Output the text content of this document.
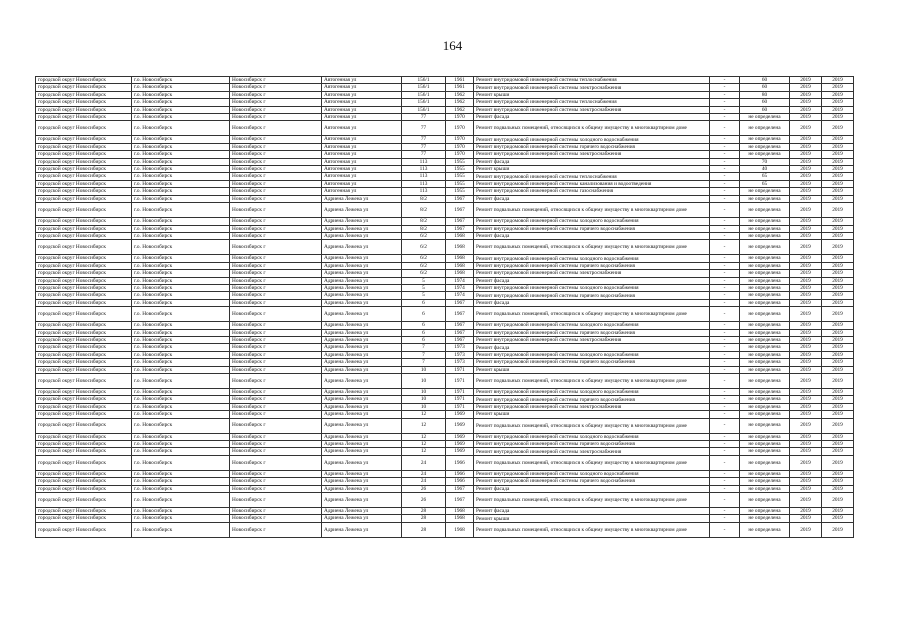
164
городской округ Новосибирск	г.о. Новосибирск	Новосибирск г	Автогенная ул	156/1	1961	Ремонт внутридомовой инженерной системы теплоснабжения	-	60	2019	2019
городской округ Новосибирск	г.о. Новосибирск	Новосибирск г	Автогенная ул	156/1	1961	Ремонт внутридомовой инженерной системы электроснабжения	-	60	2019	2019
городской округ Новосибирск	г.о. Новосибирск	Новосибирск г	Автогенная ул	156/1	1962	Ремонт крыши	-	80	2019	2019
городской округ Новосибирск	г.о. Новосибирск	Новосибирск г	Автогенная ул	156/1	1962	Ремонт внутридомовой инженерной системы теплоснабжения	-	60	2019	2019
городской округ Новосибирск	г.о. Новосибирск	Новосибирск г	Автогенная ул	156/1	1962	Ремонт внутридомовой инженерной системы электроснабжения	-	60	2019	2019
городской округ Новосибирск	г.о. Новосибирск	Новосибирск г	Автогенная ул	77	1970	Ремонт фасада	-	не определена	2019	2019
городской округ Новосибирск	г.о. Новосибирск	Новосибирск г	Автогенная ул	77	1970	Ремонт подвальных помещений, относящихся к общему имуществу в многоквартирном доме	-	не определена	2019	2019
городской округ Новосибирск	г.о. Новосибирск	Новосибирск г	Автогенная ул	77	1970	Ремонт внутридомовой инженерной системы холодного водоснабжения	-	не определена	2019	2019
городской округ Новосибирск	г.о. Новосибирск	Новосибирск г	Автогенная ул	77	1970	Ремонт внутридомовой инженерной системы горячего водоснабжения	-	не определена	2019	2019
городской округ Новосибирск	г.о. Новосибирск	Новосибирск г	Автогенная ул	77	1970	Ремонт внутридомовой инженерной системы электроснабжения	-	не определена	2019	2019
городской округ Новосибирск	г.о. Новосибирск	Новосибирск г	Автогенная ул	113	1955	Ремонт фасада	-	70	2019	2019
городской округ Новосибирск	г.о. Новосибирск	Новосибирск г	Автогенная ул	113	1955	Ремонт крыши	-	40	2019	2019
городской округ Новосибирск	г.о. Новосибирск	Новосибирск г	Автогенная ул	113	1955	Ремонт внутридомовой инженерной системы теплоснабжения	-	65	2019	2019
городской округ Новосибирск	г.о. Новосибирск	Новосибирск г	Автогенная ул	113	1955	Ремонт внутридомовой инженерной системы канализования и водоотведения	-	65	2019	2019
городской округ Новосибирск	г.о. Новосибирск	Новосибирск г	Автогенная ул	113	1955	Ремонт внутридомовой инженерной системы газоснабжения	-	не определена	2019	2019
городской округ Новосибирск	г.о. Новосибирск	Новосибирск г	Адриена Лежена ул	8/2	1967	Ремонт фасада	-	не определена	2019	2019
городской округ Новосибирск	г.о. Новосибирск	Новосибирск г	Адриена Лежена ул	8/2	1967	Ремонт подвальных помещений, относящихся к общему имуществу в многоквартирном доме	-	не определена	2019	2019
городской округ Новосибирск	г.о. Новосибирск	Новосибирск г	Адриена Лежена ул	8/2	1967	Ремонт внутридомовой инженерной системы холодного водоснабжения	-	не определена	2019	2019
городской округ Новосибирск	г.о. Новосибирск	Новосибирск г	Адриена Лежена ул	8/2	1967	Ремонт внутридомовой инженерной системы горячего водоснабжения	-	не определена	2019	2019
городской округ Новосибирск	г.о. Новосибирск	Новосибирск г	Адриена Лежена ул	6/2	1968	Ремонт фасада	-	не определена	2019	2019
городской округ Новосибирск	г.о. Новосибирск	Новосибирск г	Адриена Лежена ул	6/2	1968	Ремонт подвальных помещений, относящихся к общему имуществу в многоквартирном доме	-	не определена	2019	2019
городской округ Новосибирск	г.о. Новосибирск	Новосибирск г	Адриена Лежена ул	6/2	1968	Ремонт внутридомовой инженерной системы холодного водоснабжения	-	не определена	2019	2019
городской округ Новосибирск	г.о. Новосибирск	Новосибирск г	Адриена Лежена ул	6/2	1968	Ремонт внутридомовой инженерной системы горячего водоснабжения	-	не определена	2019	2019
городской округ Новосибирск	г.о. Новосибирск	Новосибирск г	Адриена Лежена ул	6/2	1968	Ремонт внутридомовой инженерной системы электроснабжения	-	не определена	2019	2019
городской округ Новосибирск	г.о. Новосибирск	Новосибирск г	Адриена Лежена ул	5	1974	Ремонт фасада	-	не определена	2019	2019
городской округ Новосибирск	г.о. Новосибирск	Новосибирск г	Адриена Лежена ул	5	1974	Ремонт внутридомовой инженерной системы холодного водоснабжения	-	не определена	2019	2019
городской округ Новосибирск	г.о. Новосибирск	Новосибирск г	Адриена Лежена ул	5	1974	Ремонт внутридомовой инженерной системы горячего водоснабжения	-	не определена	2019	2019
городской округ Новосибирск	г.о. Новосибирск	Новосибирск г	Адриена Лежена ул	6	1967	Ремонт фасада	-	не определена	2019	2019
городской округ Новосибирск	г.о. Новосибирск	Новосибирск г	Адриена Лежена ул	6	1967	Ремонт подвальных помещений, относящихся к общему имуществу в многоквартирном доме	-	не определена	2019	2019
городской округ Новосибирск	г.о. Новосибирск	Новосибирск г	Адриена Лежена ул	6	1967	Ремонт внутридомовой инженерной системы холодного водоснабжения	-	не определена	2019	2019
городской округ Новосибирск	г.о. Новосибирск	Новосибирск г	Адриена Лежена ул	6	1967	Ремонт внутридомовой инженерной системы горячего водоснабжения	-	не определена	2019	2019
городской округ Новосибирск	г.о. Новосибирск	Новосибирск г	Адриена Лежена ул	6	1967	Ремонт внутридомовой инженерной системы электроснабжения	-	не определена	2019	2019
городской округ Новосибирск	г.о. Новосибирск	Новосибирск г	Адриена Лежена ул	7	1973	Ремонт фасада	-	не определена	2019	2019
городской округ Новосибирск	г.о. Новосибирск	Новосибирск г	Адриена Лежена ул	7	1973	Ремонт внутридомовой инженерной системы холодного водоснабжения	-	не определена	2019	2019
городской округ Новосибирск	г.о. Новосибирск	Новосибирск г	Адриена Лежена ул	7	1973	Ремонт внутридомовой инженерной системы горячего водоснабжения	-	не определена	2019	2019
городской округ Новосибирск	г.о. Новосибирск	Новосибирск г	Адриена Лежена ул	10	1971	Ремонт крыши	-	не определена	2019	2019
городской округ Новосибирск	г.о. Новосибирск	Новосибирск г	Адриена Лежена ул	10	1971	Ремонт подвальных помещений, относящихся к общему имуществу в многоквартирном доме	-	не определена	2019	2019
городской округ Новосибирск	г.о. Новосибирск	Новосибирск г	Адриена Лежена ул	10	1971	Ремонт внутридомовой инженерной системы холодного водоснабжения	-	не определена	2019	2019
городской округ Новосибирск	г.о. Новосибирск	Новосибирск г	Адриена Лежена ул	10	1971	Ремонт внутридомовой инженерной системы горячего водоснабжения	-	не определена	2019	2019
городской округ Новосибирск	г.о. Новосибирск	Новосибирск г	Адриена Лежена ул	10	1971	Ремонт внутридомовой инженерной системы электроснабжения	-	не определена	2019	2019
городской округ Новосибирск	г.о. Новосибирск	Новосибирск г	Адриена Лежена ул	12	1969	Ремонт крыши	-	не определена	2019	2019
городской округ Новосибирск	г.о. Новосибирск	Новосибирск г	Адриена Лежена ул	12	1969	Ремонт подвальных помещений, относящихся к общему имуществу в многоквартирном доме	-	не определена	2019	2019
городской округ Новосибирск	г.о. Новосибирск	Новосибирск г	Адриена Лежена ул	12	1969	Ремонт внутридомовой инженерной системы холодного водоснабжения	-	не определена	2019	2019
городской округ Новосибирск	г.о. Новосибирск	Новосибирск г	Адриена Лежена ул	12	1969	Ремонт внутридомовой инженерной системы горячего водоснабжения	-	не определена	2019	2019
городской округ Новосибирск	г.о. Новосибирск	Новосибирск г	Адриена Лежена ул	12	1969	Ремонт внутридомовой инженерной системы электроснабжения	-	не определена	2019	2019
городской округ Новосибирск	г.о. Новосибирск	Новосибирск г	Адриена Лежена ул	24	1966	Ремонт подвальных помещений, относящихся к общему имуществу в многоквартирном доме	-	не определена	2019	2019
городской округ Новосибирск	г.о. Новосибирск	Новосибирск г	Адриена Лежена ул	24	1966	Ремонт внутридомовой инженерной системы холодного водоснабжения	-	не определена	2019	2019
городской округ Новосибирск	г.о. Новосибирск	Новосибирск г	Адриена Лежена ул	24	1966	Ремонт внутридомовой инженерной системы горячего водоснабжения	-	не определена	2019	2019
городской округ Новосибирск	г.о. Новосибирск	Новосибирск г	Адриена Лежена ул	26	1967	Ремонт фасада	-	не определена	2019	2019
городской округ Новосибирск	г.о. Новосибирск	Новосибирск г	Адриена Лежена ул	26	1967	Ремонт подвальных помещений, относящихся к общему имуществу в многоквартирном доме	-	не определена	2019	2019
городской округ Новосибирск	г.о. Новосибирск	Новосибирск г	Адриена Лежена ул	28	1968	Ремонт фасада	-	не определена	2019	2019
городской округ Новосибирск	г.о. Новосибирск	Новосибирск г	Адриена Лежена ул	28	1968	Ремонт крыши	-	не определена	2019	2019
городской округ Новосибирск	г.о. Новосибирск	Новосибирск г	Адриена Лежена ул	28	1968	Ремонт подвальных помещений, относящихся к общему имуществу в многоквартирном доме	-	не определена	2019	2019
